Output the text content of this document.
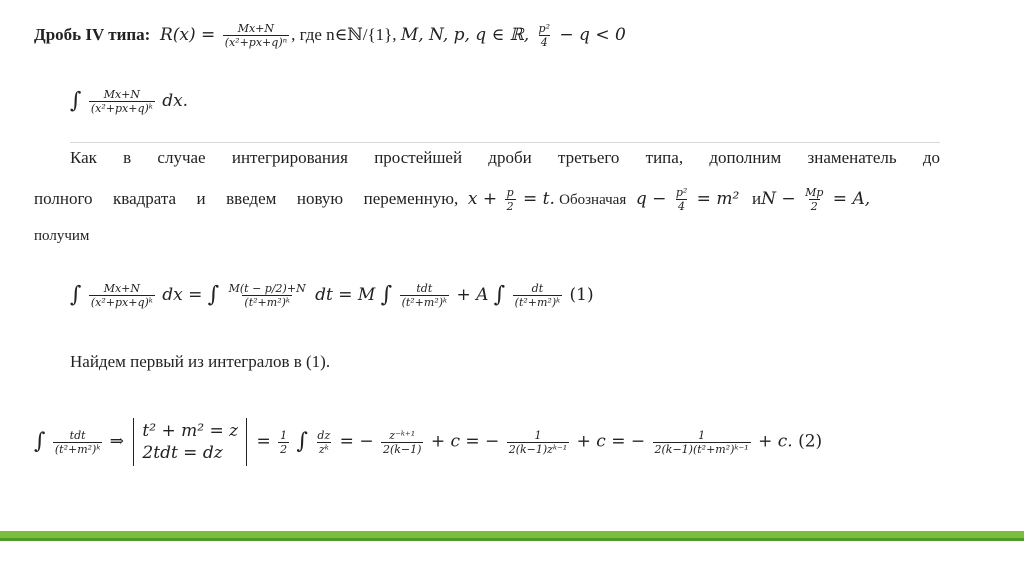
Дробь IV типа:  $R(x) = \frac{Mx+N}{\text{(x²+px+q)ⁿ}}$ , где n∈ℕ/{1}, M, N, p, q ∈ ℝ, $\frac{\text{p²}}{4} - q < 0$
∫ $\frac{Mx+N}{\text{(x²+px+q)ᵏ}}$ dx.
Как в случае интегрирования простейшей дроби третьего типа, дополним знаменатель до
полного  квадрата  и  введем  новую  переменную,  $x + \frac{p}{2} = t$. Обозначая  $q - \frac{\text{p²}}{4} = m^2$   иN − $\frac{Mp}{2} = A$,
получим
∫ $\frac{Mx+N}{\text{(x²+px+q)ᵏ}}$ dx = ∫ $\frac{M(t - p/2)+N}{\text{(t²+m²)ᵏ}}$ dt = M ∫ $\frac{\text{tdt}}{\text{(t²+m²)ᵏ}} + A$ ∫ $\frac{dt}{\text{(t²+m²)ᵏ}} (1)$
Найдем первый из интегралов в (1).
∫ $\frac{\text{tdt}}{\text{(t²+m²)ᵏ}}$ ⇒
t² + m² = z
2tdt = dz
= $\frac{1}{2}$ ∫ $\frac{dz}{\text{zᵏ}}$ = − $\frac{\text{z⁻ᵏ⁺¹}}{2(k-1)} + c$ = − $\frac{1}{\text{2(k−1)zᵏ⁻¹}} + c$ = − $\frac{1}{\text{2(k−1)(t²+m²)ᵏ⁻¹}} + c$. (2)
